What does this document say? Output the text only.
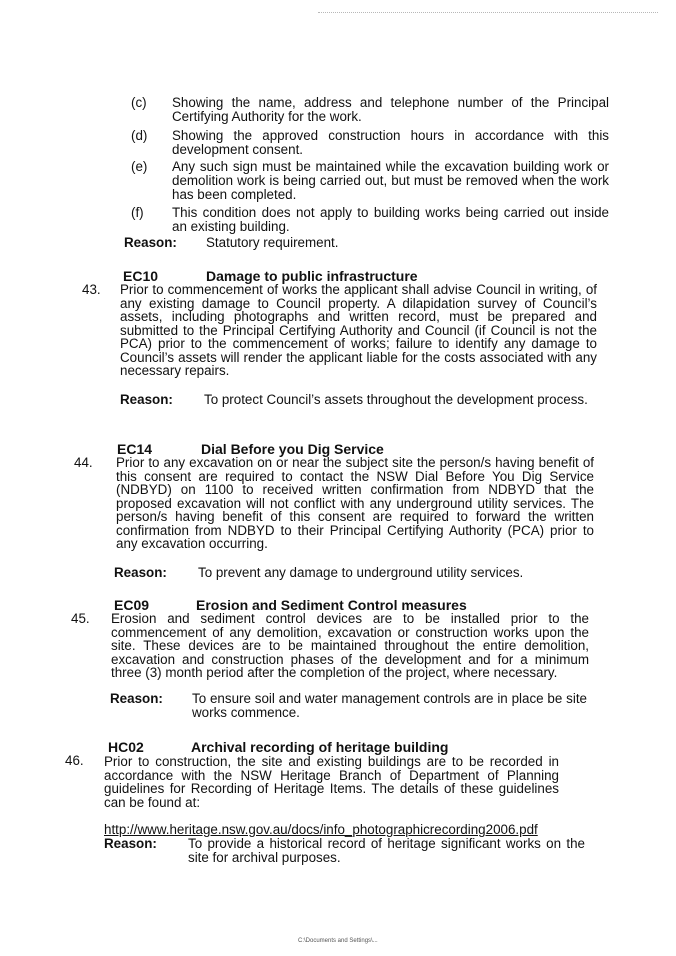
(c) Showing the name, address and telephone number of the Principal Certifying Authority for the work.
(d) Showing the approved construction hours in accordance with this development consent.
(e) Any such sign must be maintained while the excavation building work or demolition work is being carried out, but must be removed when the work has been completed.
(f) This condition does not apply to building works being carried out inside an existing building.
Reason: Statutory requirement.
EC10	Damage to public infrastructure
43. Prior to commencement of works the applicant shall advise Council in writing, of any existing damage to Council property. A dilapidation survey of Council’s assets, including photographs and written record, must be prepared and submitted to the Principal Certifying Authority and Council (if Council is not the PCA) prior to the commencement of works; failure to identify any damage to Council’s assets will render the applicant liable for the costs associated with any necessary repairs.
Reason: To protect Council’s assets throughout the development process.
EC14	Dial Before you Dig Service
44. Prior to any excavation on or near the subject site the person/s having benefit of this consent are required to contact the NSW Dial Before You Dig Service (NDBYD) on 1100 to received written confirmation from NDBYD that the proposed excavation will not conflict with any underground utility services. The person/s having benefit of this consent are required to forward the written confirmation from NDBYD to their Principal Certifying Authority (PCA) prior to any excavation occurring.
Reason: To prevent any damage to underground utility services.
EC09	Erosion and Sediment Control measures
45. Erosion and sediment control devices are to be installed prior to the commencement of any demolition, excavation or construction works upon the site. These devices are to be maintained throughout the entire demolition, excavation and construction phases of the development and for a minimum three (3) month period after the completion of the project, where necessary.
Reason: To ensure soil and water management controls are in place be site works commence.
HC02	Archival recording of heritage building
46. Prior to construction, the site and existing buildings are to be recorded in accordance with the NSW Heritage Branch of Department of Planning guidelines for Recording of Heritage Items. The details of these guidelines can be found at:
http://www.heritage.nsw.gov.au/docs/info_photographicrecording2006.pdf
Reason: To provide a historical record of heritage significant works on the site for archival purposes.
C:\Documents and Settings\...
